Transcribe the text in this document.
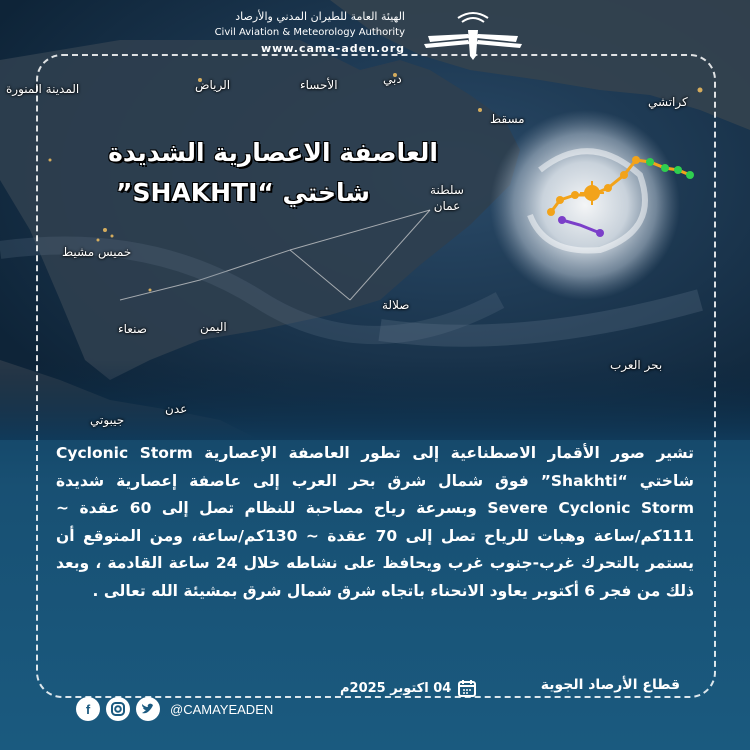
الرياض
المدينة المنورة
دبي
الأحساء
مسقط
كراتشي
سلطنة
عمان
خميس مشيط
صنعاء	اليمن
صلالة
بحر العرب
عدن
جيبوتي
الهيئة العامة للطيران المدني والأرصاد
Civil Aviation & Meteorology Authority
www.cama-aden.org
العاصفة الاعصارية الشديدة
شاختي “SHAKHTI”

تشير صور الأقمار الاصطناعية إلى تطور العاصفة الإعصارية Cyclonic Storm شاختي “Shakhti” فوق شمال شرق بحر العرب إلى عاصفة إعصارية شديدة Severe Cyclonic Storm وبسرعة رياح مصاحبة للنظام تصل إلى 60 عقدة ~ 111كم/ساعة وهبات للرياح تصل إلى 70 عقدة ~ 130كم/ساعة، ومن المتوقع أن يستمر بالتحرك غرب-جنوب غرب ويحافظ على نشاطه خلال 24 ساعة القادمة ، وبعد ذلك من فجر 6 أكتوبر يعاود الانحناء باتجاه شرق شمال شرق بمشيئة الله تعالى .

قطاع الأرصاد الجوية
04 اكتوبر 2025م
f	@CAMAYEADEN
